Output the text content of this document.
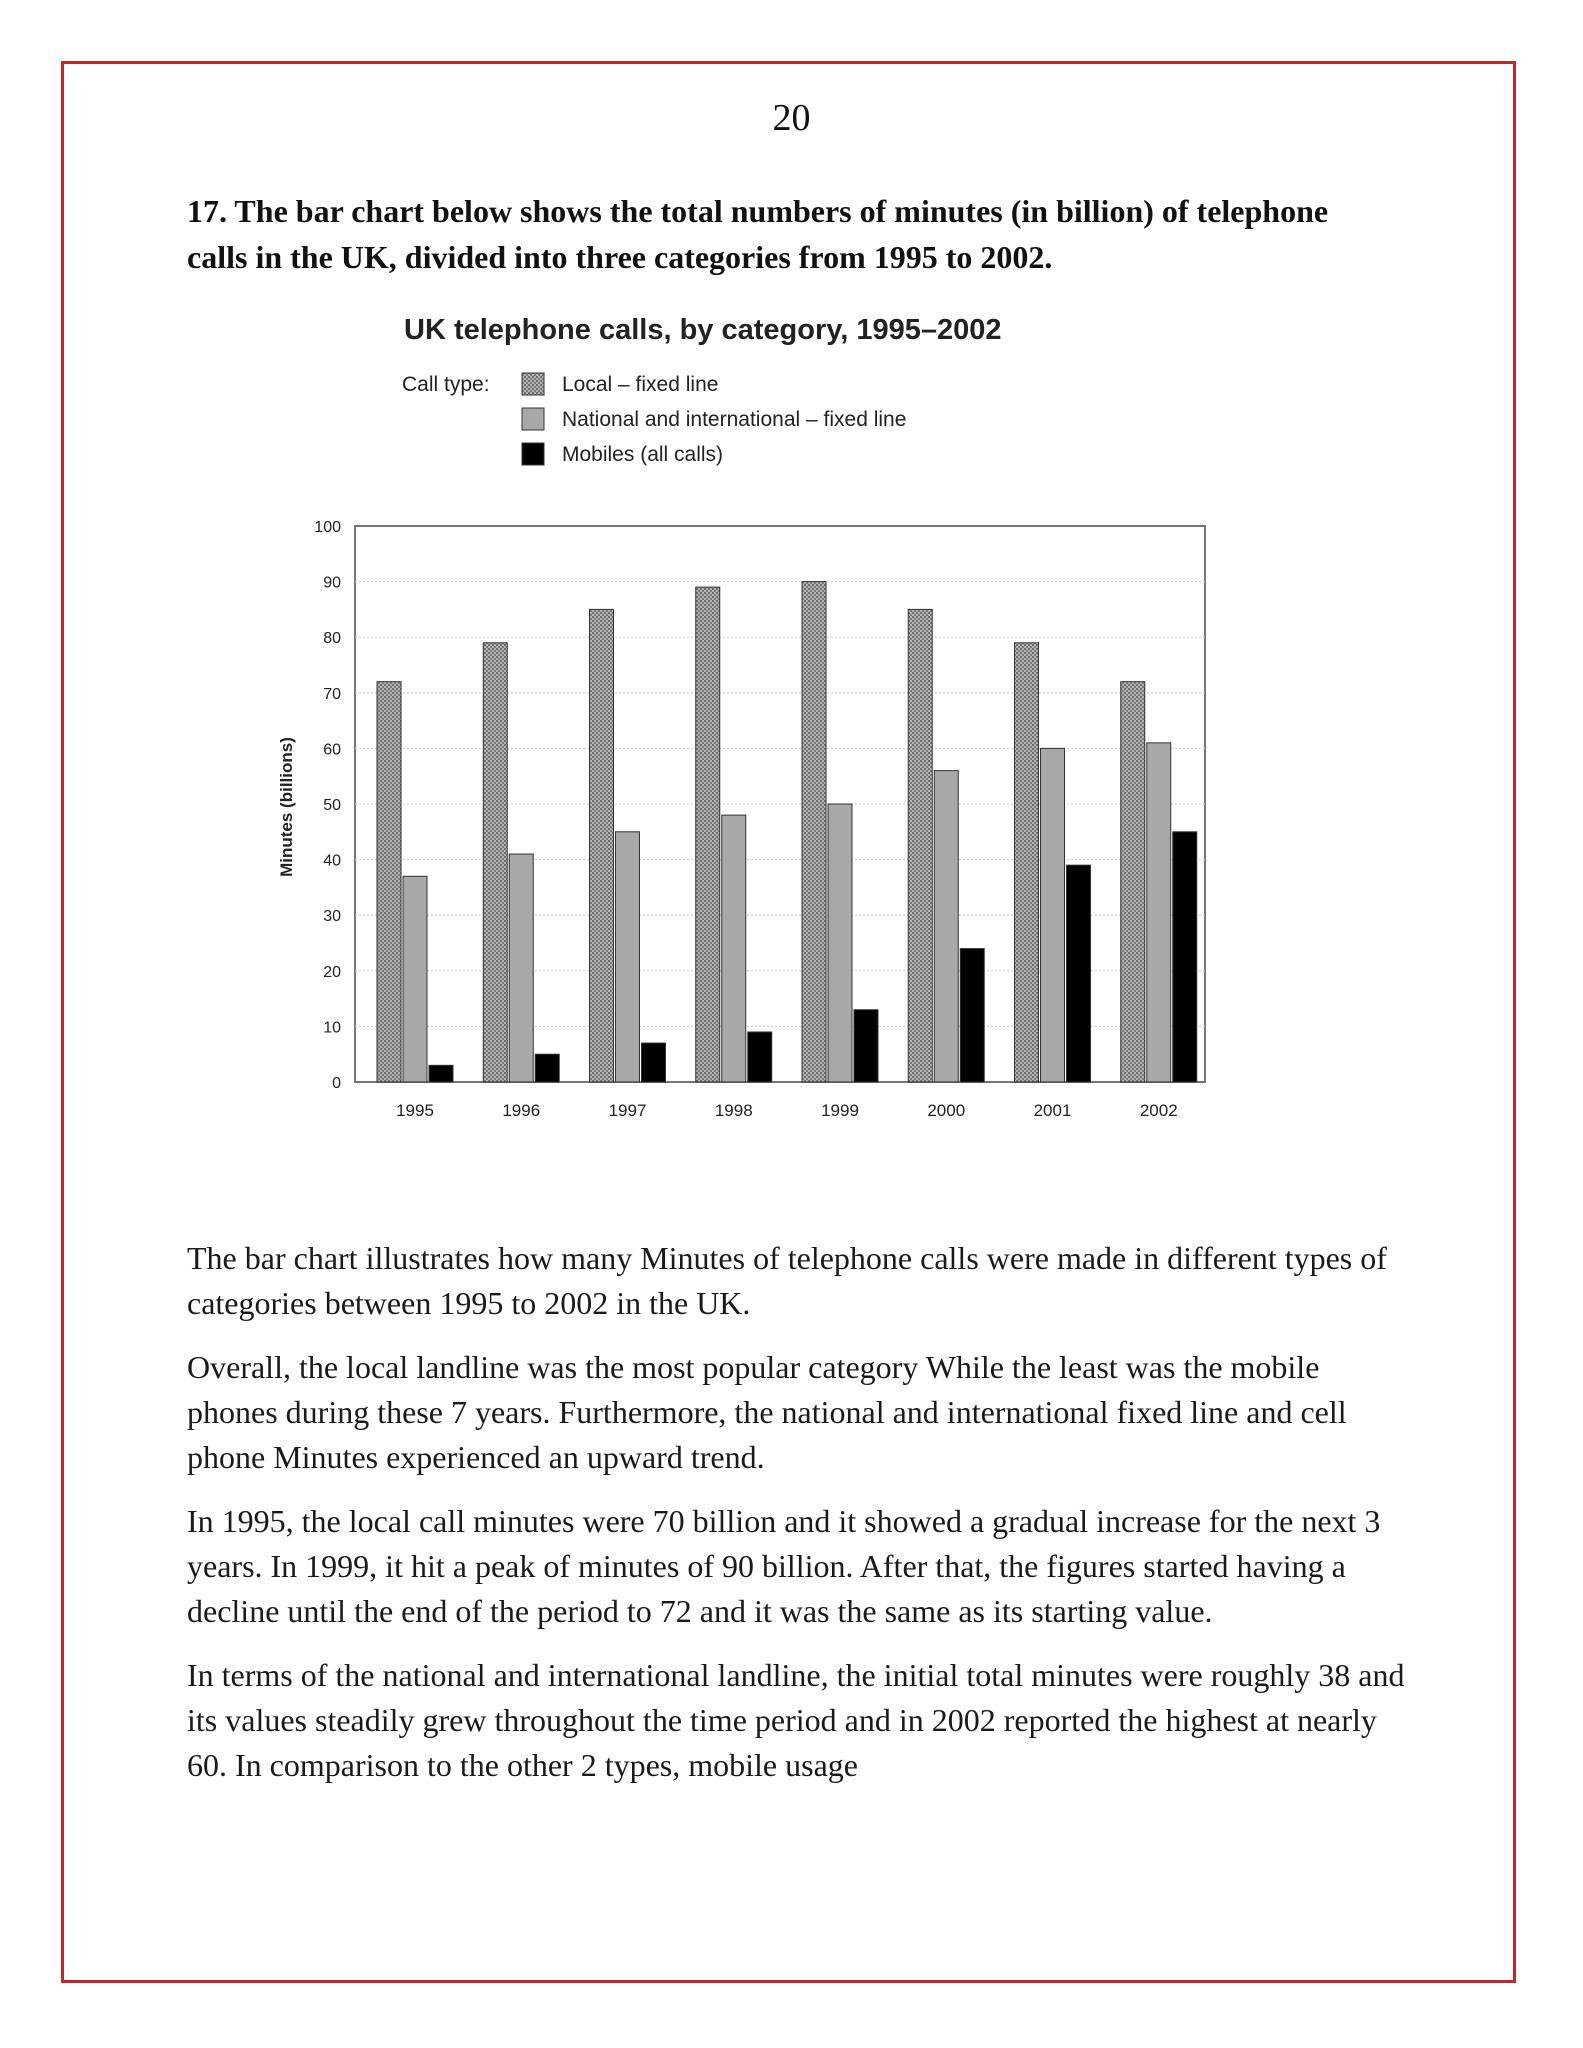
20
17. The bar chart below shows the total numbers of minutes (in billion) of telephone calls in the UK, divided into three categories from 1995 to 2002.
UK telephone calls, by category, 1995–2002
Call type:	Local – fixed line
National and international – fixed line
Mobiles (all calls)
Minutes (billions)
0
10
20
30
40
50
60
70
80
90
100
1995	1996	1997	1998	1999	2000	2001	2002

The bar chart illustrates how many Minutes of telephone calls were made in different types of categories between 1995 to 2002 in the UK.

Overall, the local landline was the most popular category While the least was the mobile phones during these 7 years. Furthermore, the national and international fixed line and cell phone Minutes experienced an upward trend.

In 1995, the local call minutes were 70 billion and it showed a gradual increase for the next 3 years. In 1999, it hit a peak of minutes of 90 billion. After that, the figures started having a decline until the end of the period to 72 and it was the same as its starting value.

In terms of the national and international landline, the initial total minutes were roughly 38 and its values steadily grew throughout the time period and in 2002 reported the highest at nearly 60. In comparison to the other 2 types, mobile usage
